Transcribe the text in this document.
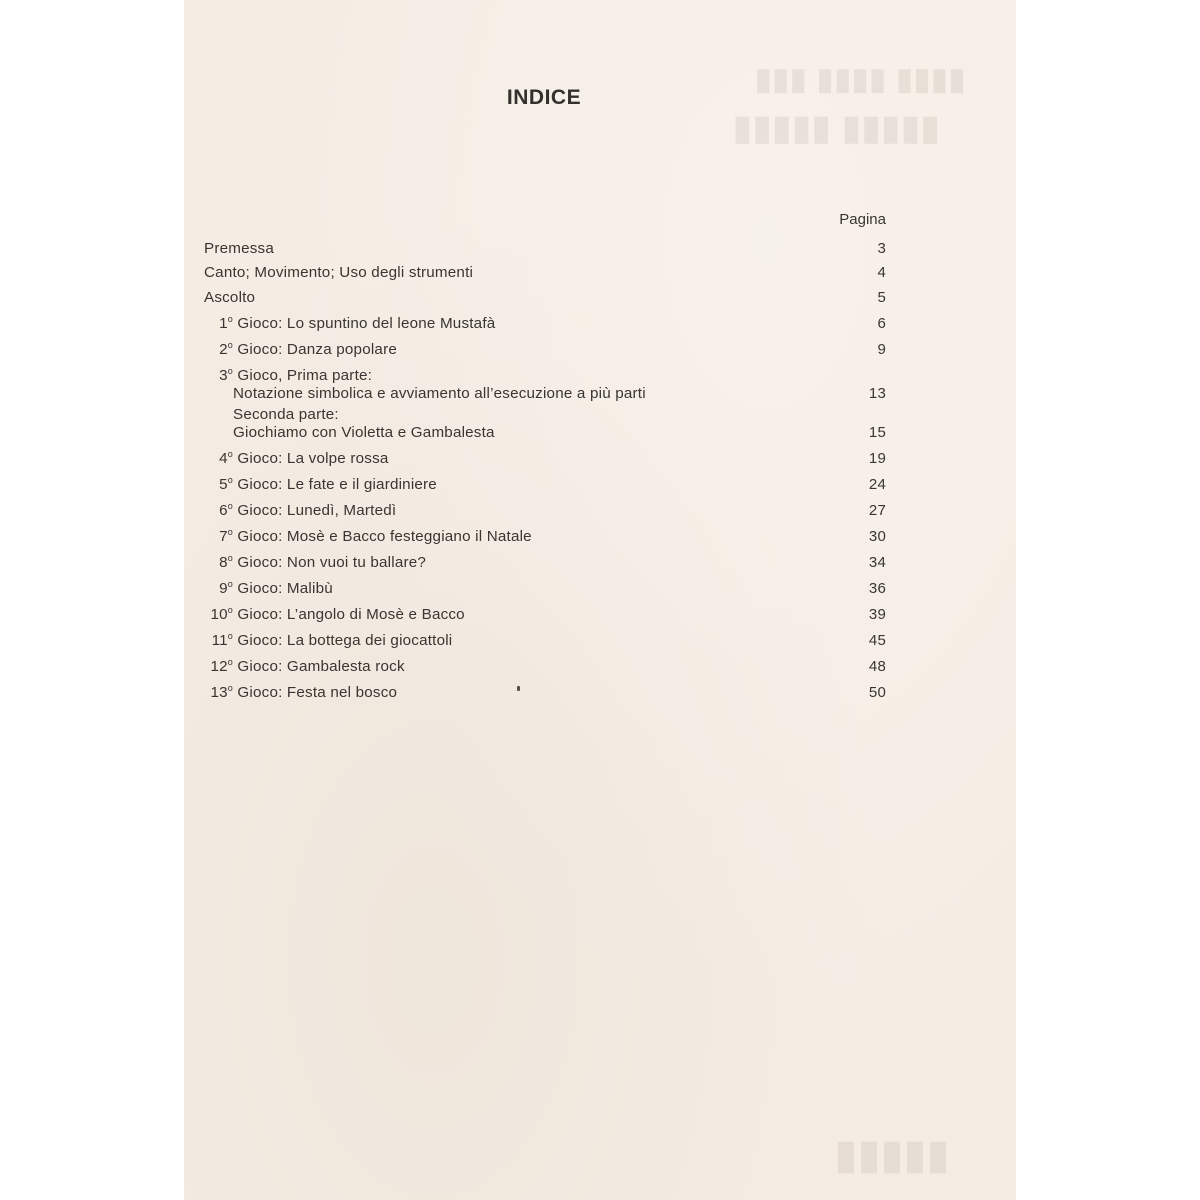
▮▮▮▮ ▮▮▮▮ ▮▮▮
▮▮▮▮▮ ▮▮▮▮▮
▮▮▮▮▮
INDICE
Pagina
Premessa	3
Canto; Movimento; Uso degli strumenti	4
Ascolto	5
1$^o$ Gioco: Lo spuntino del leone Mustafà	6
2$^o$ Gioco: Danza popolare	9
3$^o$ Gioco, Prima parte:
Notazione simbolica e avviamento all’esecuzione a più parti	13
Seconda parte:
Giochiamo con Violetta e Gambalesta	15
4$^o$ Gioco: La volpe rossa	19
5$^o$ Gioco: Le fate e il giardiniere	24
6$^o$ Gioco: Lunedì, Martedì	27
7$^o$ Gioco: Mosè e Bacco festeggiano il Natale	30
8$^o$ Gioco: Non vuoi tu ballare?	34
9$^o$ Gioco: Malibù	36
10$^o$ Gioco: L’angolo di Mosè e Bacco	39
11$^o$ Gioco: La bottega dei giocattoli	45
12$^o$ Gioco: Gambalesta rock	48
13$^o$ Gioco: Festa nel bosco	50
